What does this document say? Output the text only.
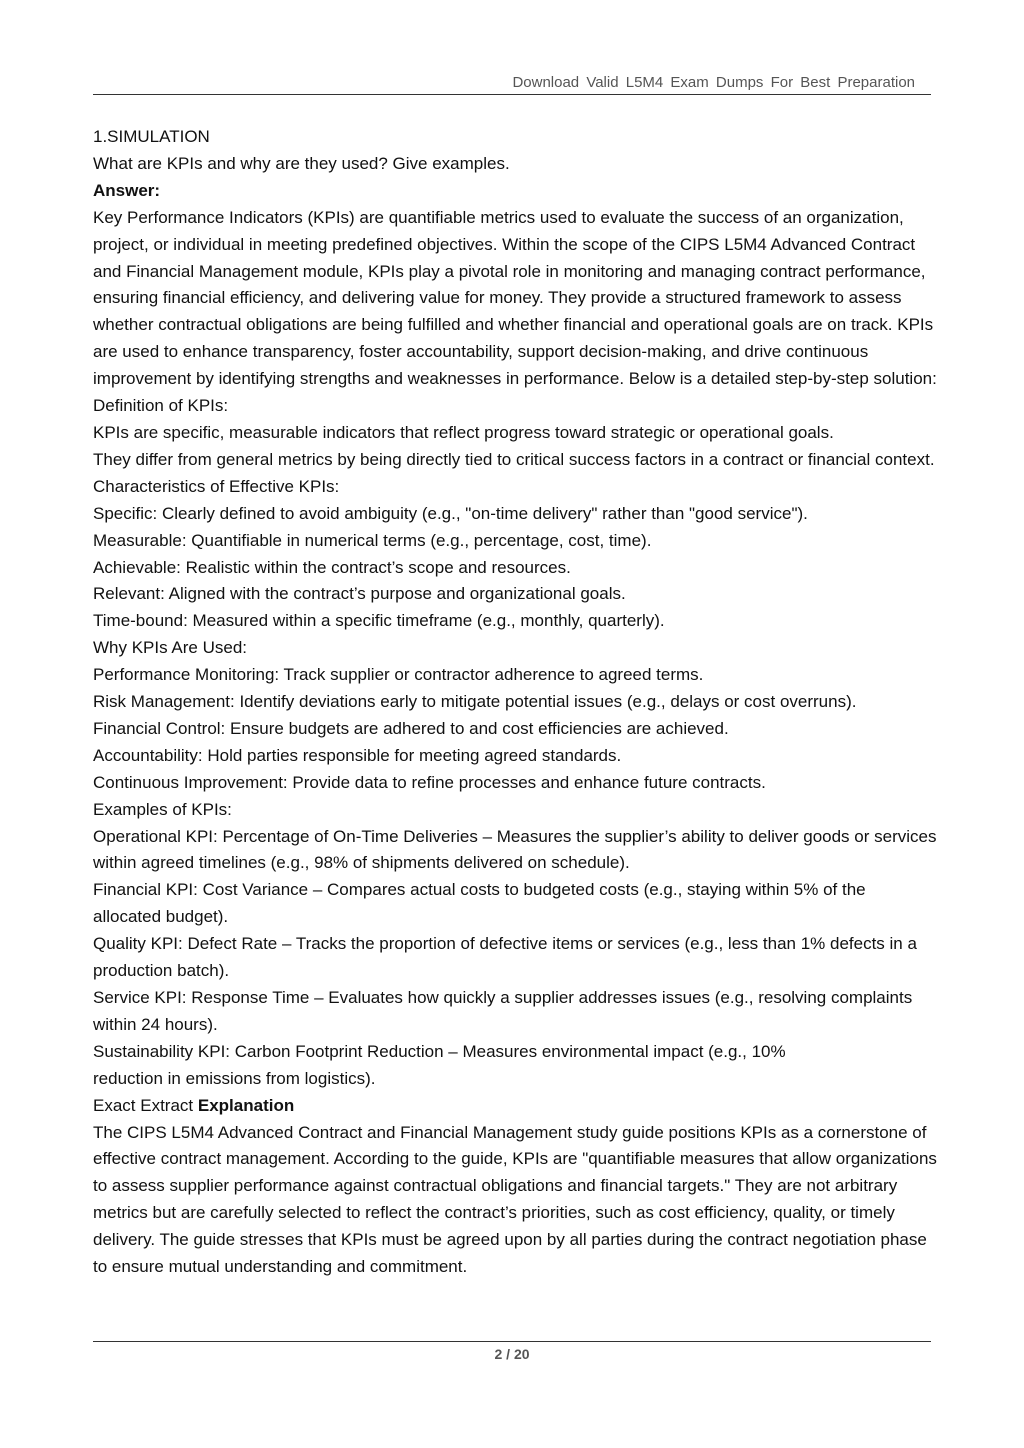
Download Valid L5M4 Exam Dumps For Best Preparation

1.SIMULATION

What are KPIs and why are they used? Give examples.

Answer:

Key Performance Indicators (KPIs) are quantifiable metrics used to evaluate the success of an organization, project, or individual in meeting predefined objectives. Within the scope of the CIPS L5M4 Advanced Contract and Financial Management module, KPIs play a pivotal role in monitoring and managing contract performance, ensuring financial efficiency, and delivering value for money. They provide a structured framework to assess whether contractual obligations are being fulfilled and whether financial and operational goals are on track. KPIs are used to enhance transparency, foster accountability, support decision-making, and drive continuous improvement by identifying strengths and weaknesses in performance. Below is a detailed step-by-step solution: Definition of KPIs:

KPIs are specific, measurable indicators that reflect progress toward strategic or operational goals.

They differ from general metrics by being directly tied to critical success factors in a contract or financial context.

Characteristics of Effective KPIs:

Specific: Clearly defined to avoid ambiguity (e.g., "on-time delivery" rather than "good service").

Measurable: Quantifiable in numerical terms (e.g., percentage, cost, time).

Achievable: Realistic within the contract’s scope and resources.

Relevant: Aligned with the contract’s purpose and organizational goals.

Time-bound: Measured within a specific timeframe (e.g., monthly, quarterly).

Why KPIs Are Used:

Performance Monitoring: Track supplier or contractor adherence to agreed terms.

Risk Management: Identify deviations early to mitigate potential issues (e.g., delays or cost overruns).

Financial Control: Ensure budgets are adhered to and cost efficiencies are achieved.

Accountability: Hold parties responsible for meeting agreed standards.

Continuous Improvement: Provide data to refine processes and enhance future contracts.

Examples of KPIs:

Operational KPI: Percentage of On-Time Deliveries – Measures the supplier’s ability to deliver goods or services within agreed timelines (e.g., 98% of shipments delivered on schedule).

Financial KPI: Cost Variance – Compares actual costs to budgeted costs (e.g., staying within 5% of the allocated budget).

Quality KPI: Defect Rate – Tracks the proportion of defective items or services (e.g., less than 1% defects in a production batch).

Service KPI: Response Time – Evaluates how quickly a supplier addresses issues (e.g., resolving complaints within 24 hours).

Sustainability KPI: Carbon Footprint Reduction – Measures environmental impact (e.g., 10%

reduction in emissions from logistics).

Exact Extract Explanation

The CIPS L5M4 Advanced Contract and Financial Management study guide positions KPIs as a cornerstone of effective contract management. According to the guide, KPIs are "quantifiable measures that allow organizations to assess supplier performance against contractual obligations and financial targets." They are not arbitrary metrics but are carefully selected to reflect the contract’s priorities, such as cost efficiency, quality, or timely delivery. The guide stresses that KPIs must be agreed upon by all parties during the contract negotiation phase to ensure mutual understanding and commitment.

2 / 20
